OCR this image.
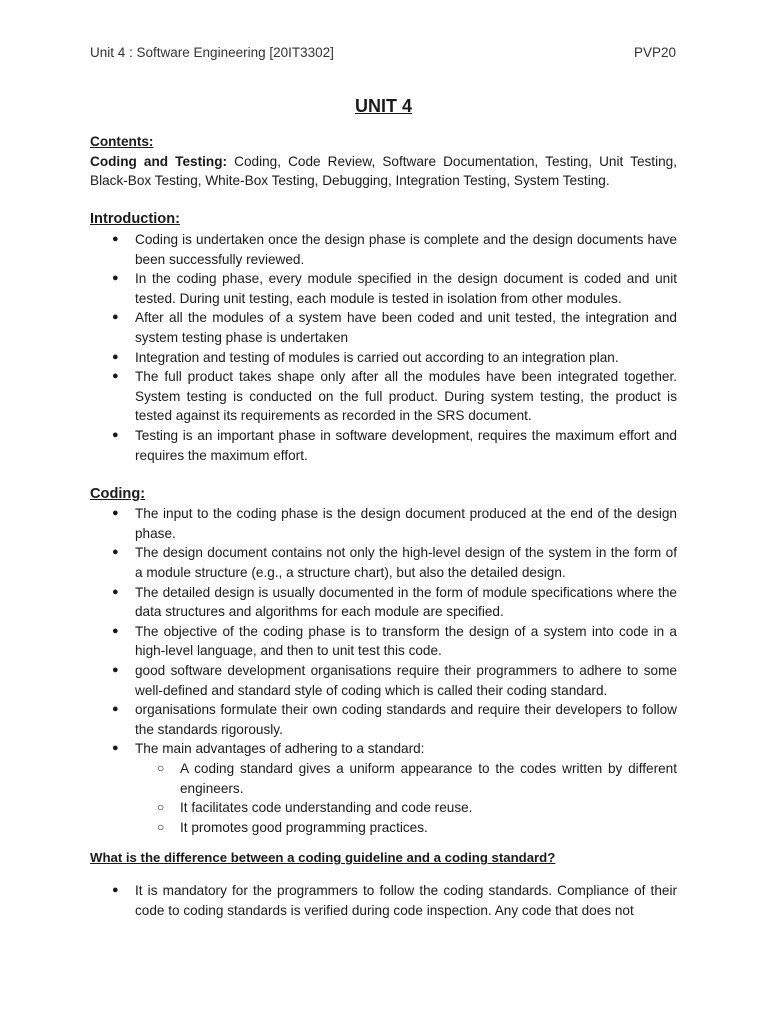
Unit 4 : Software Engineering [20IT3302]	PVP20
UNIT 4
Contents:

Coding and Testing: Coding, Code Review, Software Documentation, Testing, Unit Testing, Black-Box Testing, White-Box Testing, Debugging, Integration Testing, System Testing.

Introduction:
● Coding is undertaken once the design phase is complete and the design documents have been successfully reviewed.
● In the coding phase, every module specified in the design document is coded and unit tested. During unit testing, each module is tested in isolation from other modules.
● After all the modules of a system have been coded and unit tested, the integration and system testing phase is undertaken
● Integration and testing of modules is carried out according to an integration plan.
● The full product takes shape only after all the modules have been integrated together. System testing is conducted on the full product. During system testing, the product is tested against its requirements as recorded in the SRS document.
● Testing is an important phase in software development, requires the maximum effort and requires the maximum effort.
Coding:
● The input to the coding phase is the design document produced at the end of the design phase.
● The design document contains not only the high-level design of the system in the form of a module structure (e.g., a structure chart), but also the detailed design.
● The detailed design is usually documented in the form of module specifications where the data structures and algorithms for each module are specified.
● The objective of the coding phase is to transform the design of a system into code in a high-level language, and then to unit test this code.
● good software development organisations require their programmers to adhere to some well-defined and standard style of coding which is called their coding standard.
● organisations formulate their own coding standards and require their developers to follow the standards rigorously.
● The main advantages of adhering to a standard:
○ A coding standard gives a uniform appearance to the codes written by different engineers.
○ It facilitates code understanding and code reuse.
○ It promotes good programming practices.
What is the difference between a coding guideline and a coding standard?
● It is mandatory for the programmers to follow the coding standards. Compliance of their code to coding standards is verified during code inspection. Any code that does not
